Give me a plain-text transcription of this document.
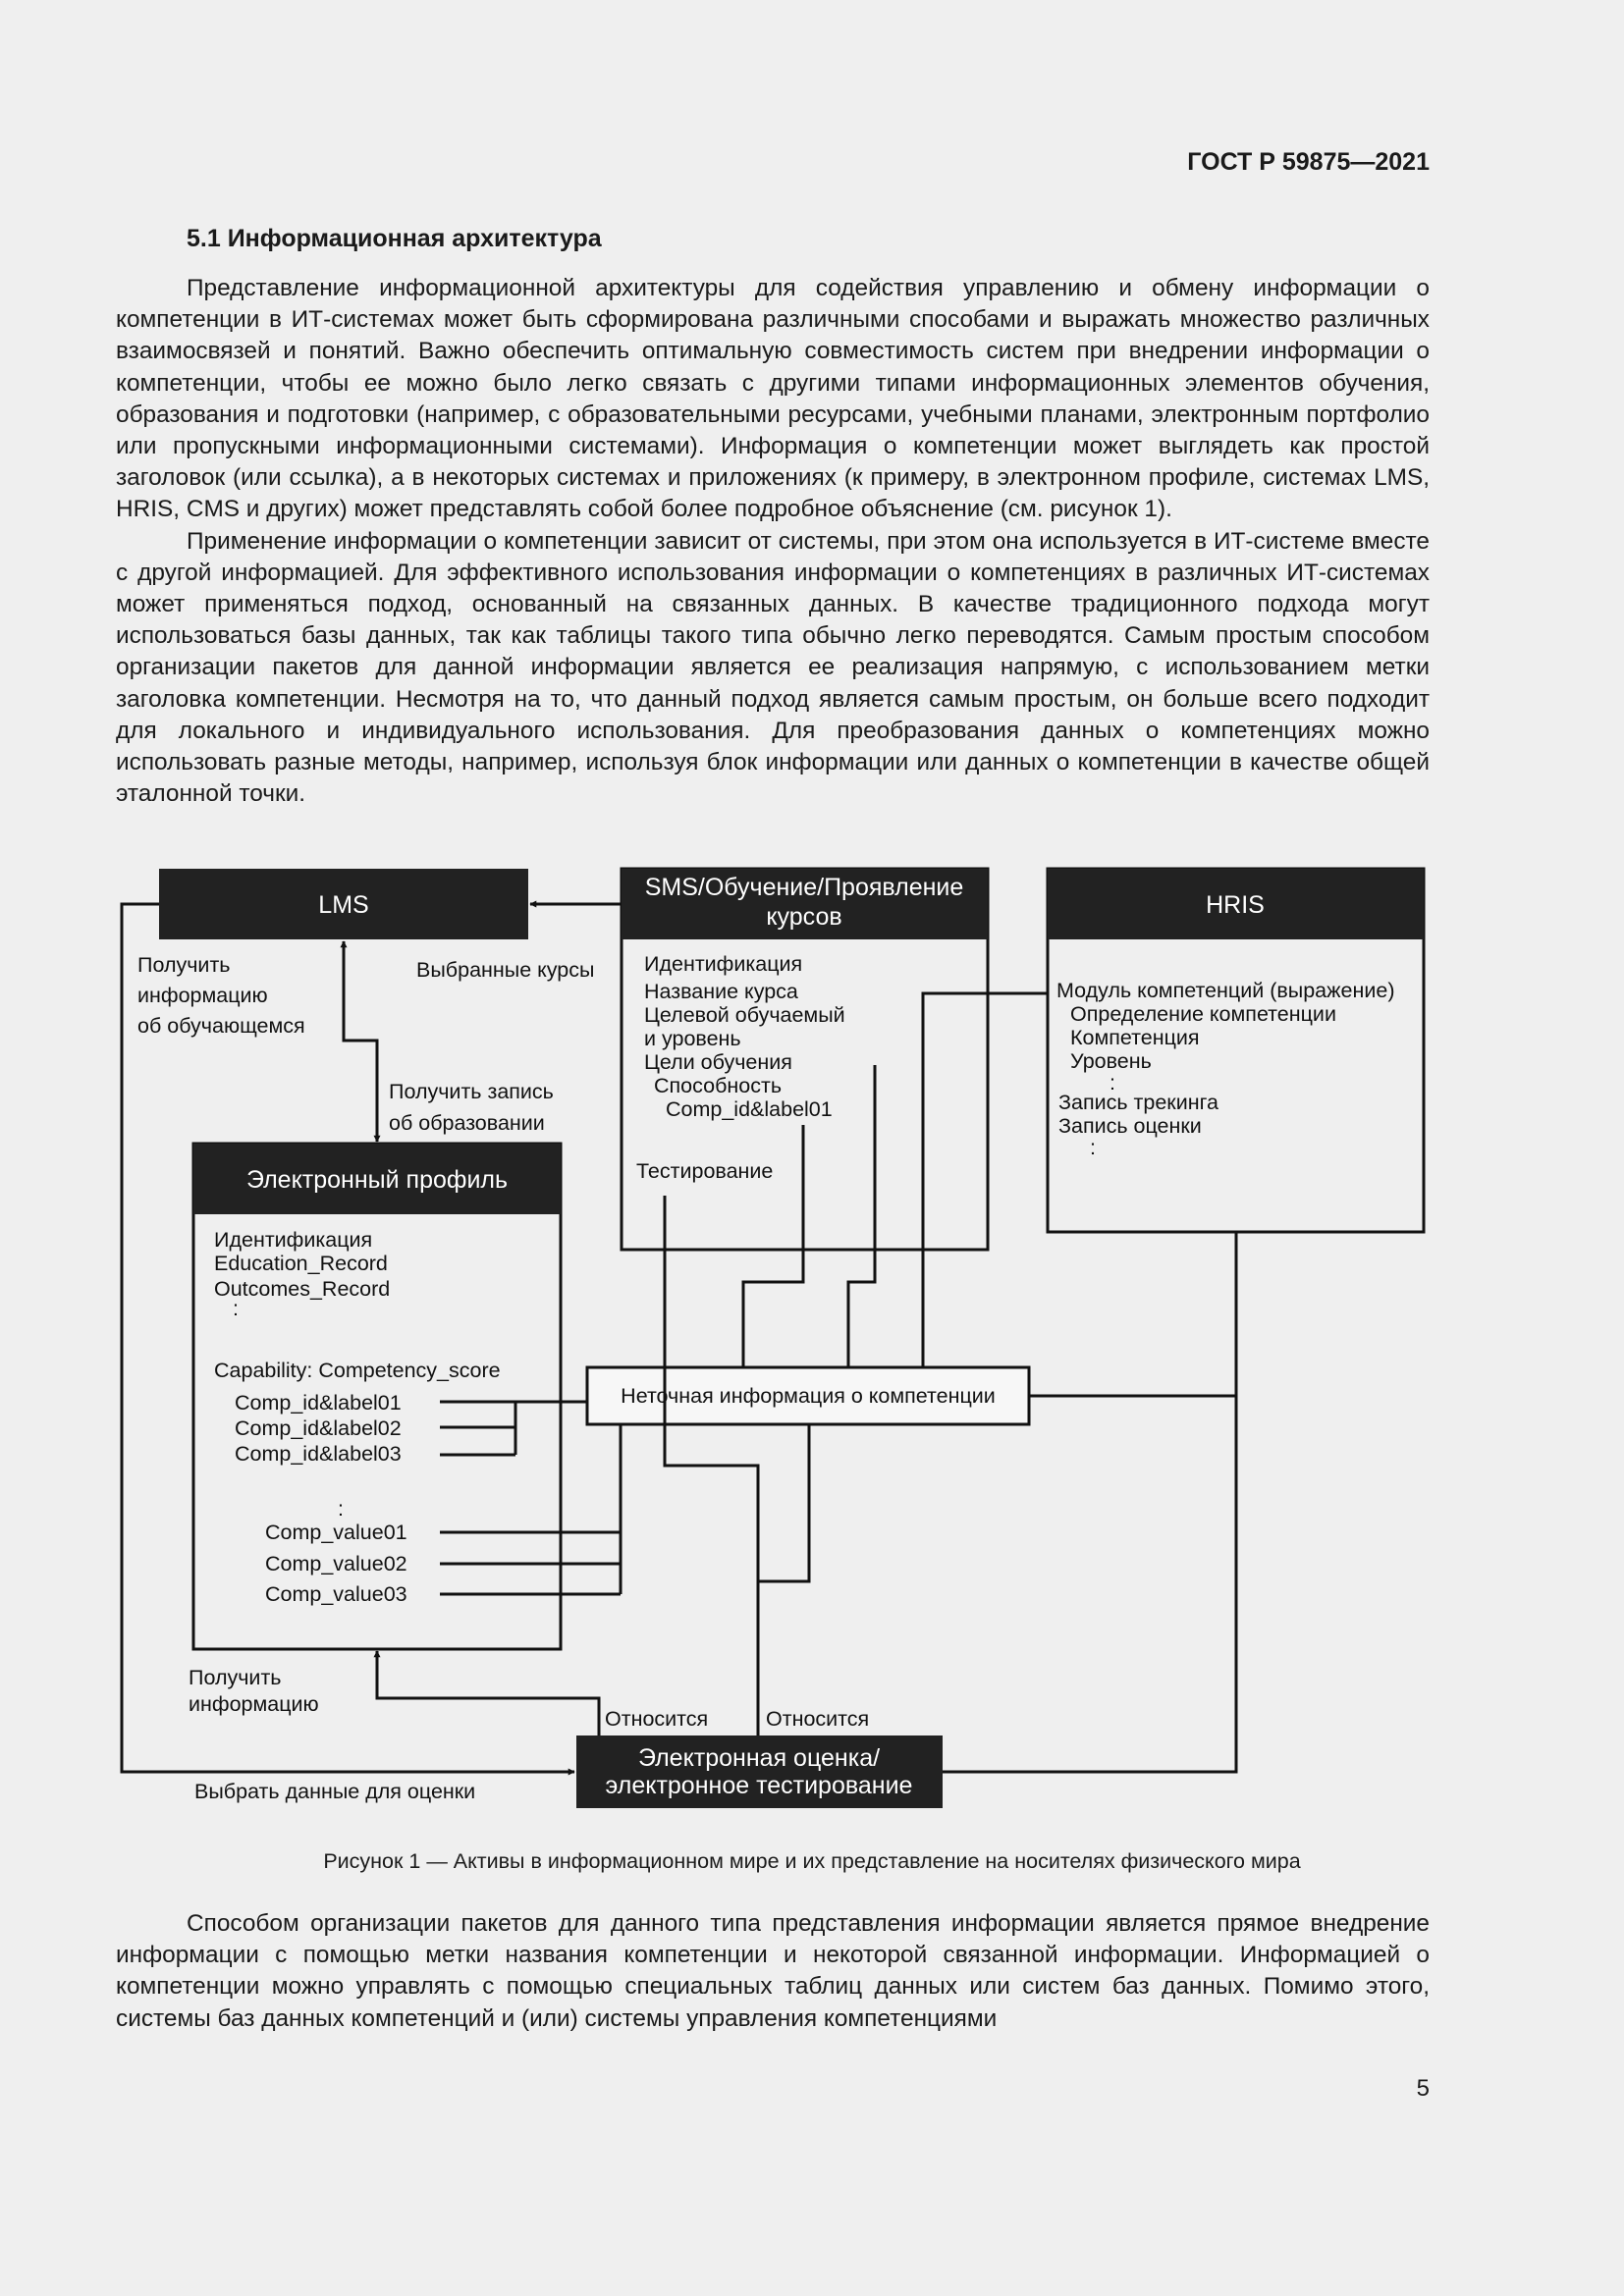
ГОСТ Р 59875—2021
5.1 Информационная архитектура

Представление информационной архитектуры для содействия управлению и обмену информации о компетенции в ИТ-системах может быть сформирована различными способами и выражать множество различных взаимосвязей и понятий. Важно обеспечить оптимальную совместимость систем при внедрении информации о компетенции, чтобы ее можно было легко связать с другими типами информационных элементов обучения, образования и подготовки (например, с образовательными ресурсами, учебными планами, электронным портфолио или пропускными информационными системами). Информация о компетенции может выглядеть как простой заголовок (или ссылка), а в некоторых системах и приложениях (к примеру, в электронном профиле, системах LMS, HRIS, CMS и других) может представлять собой более подробное объяснение (см. рисунок 1).

Применение информации о компетенции зависит от системы, при этом она используется в ИТ-системе вместе с другой информацией. Для эффективного использования информации о компетенциях в различных ИТ-системах может применяться подход, основанный на связанных данных. В качестве традиционного подхода могут использоваться базы данных, так как таблицы такого типа обычно легко переводятся. Самым простым способом организации пакетов для данной информации является ее реализация напрямую, с использованием метки заголовка компетенции. Несмотря на то, что данный подход является самым простым, он больше всего подходит для локального и индивидуального использования. Для преобразования данных о компетенциях можно использовать разные методы, например, используя блок информации или данных о компетенции в качестве общей эталонной точки.

LMS
SMS/Обучение/Проявление
курсов
Идентификация
Название курса
Целевой обучаемый
и уровень
Цели обучения
Способность
Comp_id&label01
Тестирование
HRIS
Модуль компетенций (выражение)
Определение компетенции
Компетенция
Уровень
:
Запись трекинга
Запись оценки
:
Электронный профиль
Идентификация
Education_Record
Outcomes_Record
:
Capability: Competency_score
Comp_id&label01
Comp_id&label02
Comp_id&label03
:
Comp_value01
Comp_value02
Comp_value03
Неточная информация о компетенции
Электронная оценка/
электронное тестирование
Получить
информацию
об обучающемся
Выбранные курсы
Получить запись
об образовании
Получить
информацию
Относится	Относится
Выбрать данные для оценки
Рисунок 1 — Активы в информационном мире и их представление на носителях физического мира

Способом организации пакетов для данного типа представления информации является прямое внедрение информации с помощью метки названия компетенции и некоторой связанной информации. Информацией о компетенции можно управлять с помощью специальных таблиц данных или систем баз данных. Помимо этого, системы баз данных компетенций и (или) системы управления компетенциями

5
